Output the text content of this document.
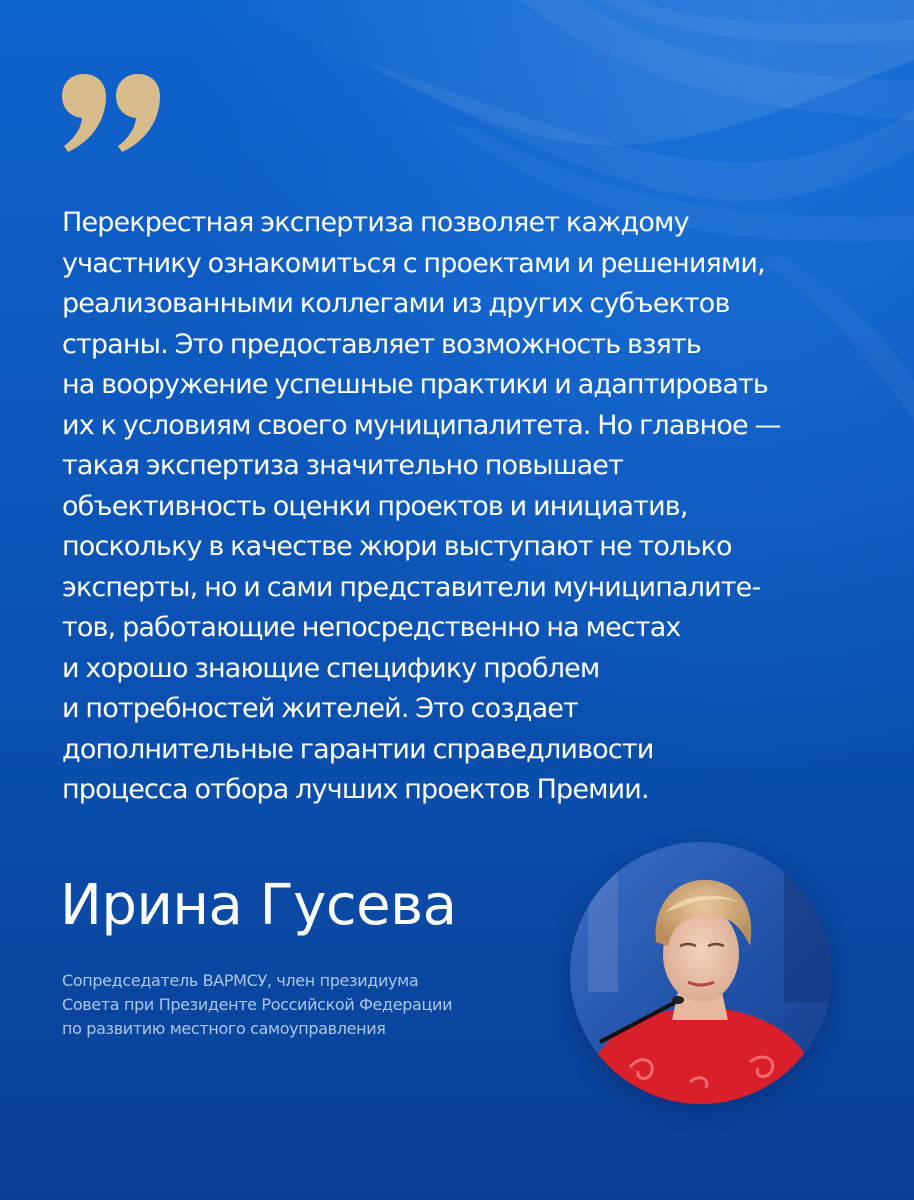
Перекрестная экспертиза позволяет каждому
участнику ознакомиться с проектами и решениями,
реализованными коллегами из других субъектов
страны. Это предоставляет возможность взять
на вооружение успешные практики и адаптировать
их к условиям своего муниципалитета. Но главное —
такая экспертиза значительно повышает
объективность оценки проектов и инициатив,
поскольку в качестве жюри выступают не только
эксперты, но и сами представители муниципалите-
тов, работающие непосредственно на местах
и хорошо знающие специфику проблем
и потребностей жителей. Это создает
дополнительные гарантии справедливости
процесса отбора лучших проектов Премии.
Ирина Гусева
Сопредседатель ВАРМСУ, член президиума
Совета при Президенте Российской Федерации
по развитию местного самоуправления
